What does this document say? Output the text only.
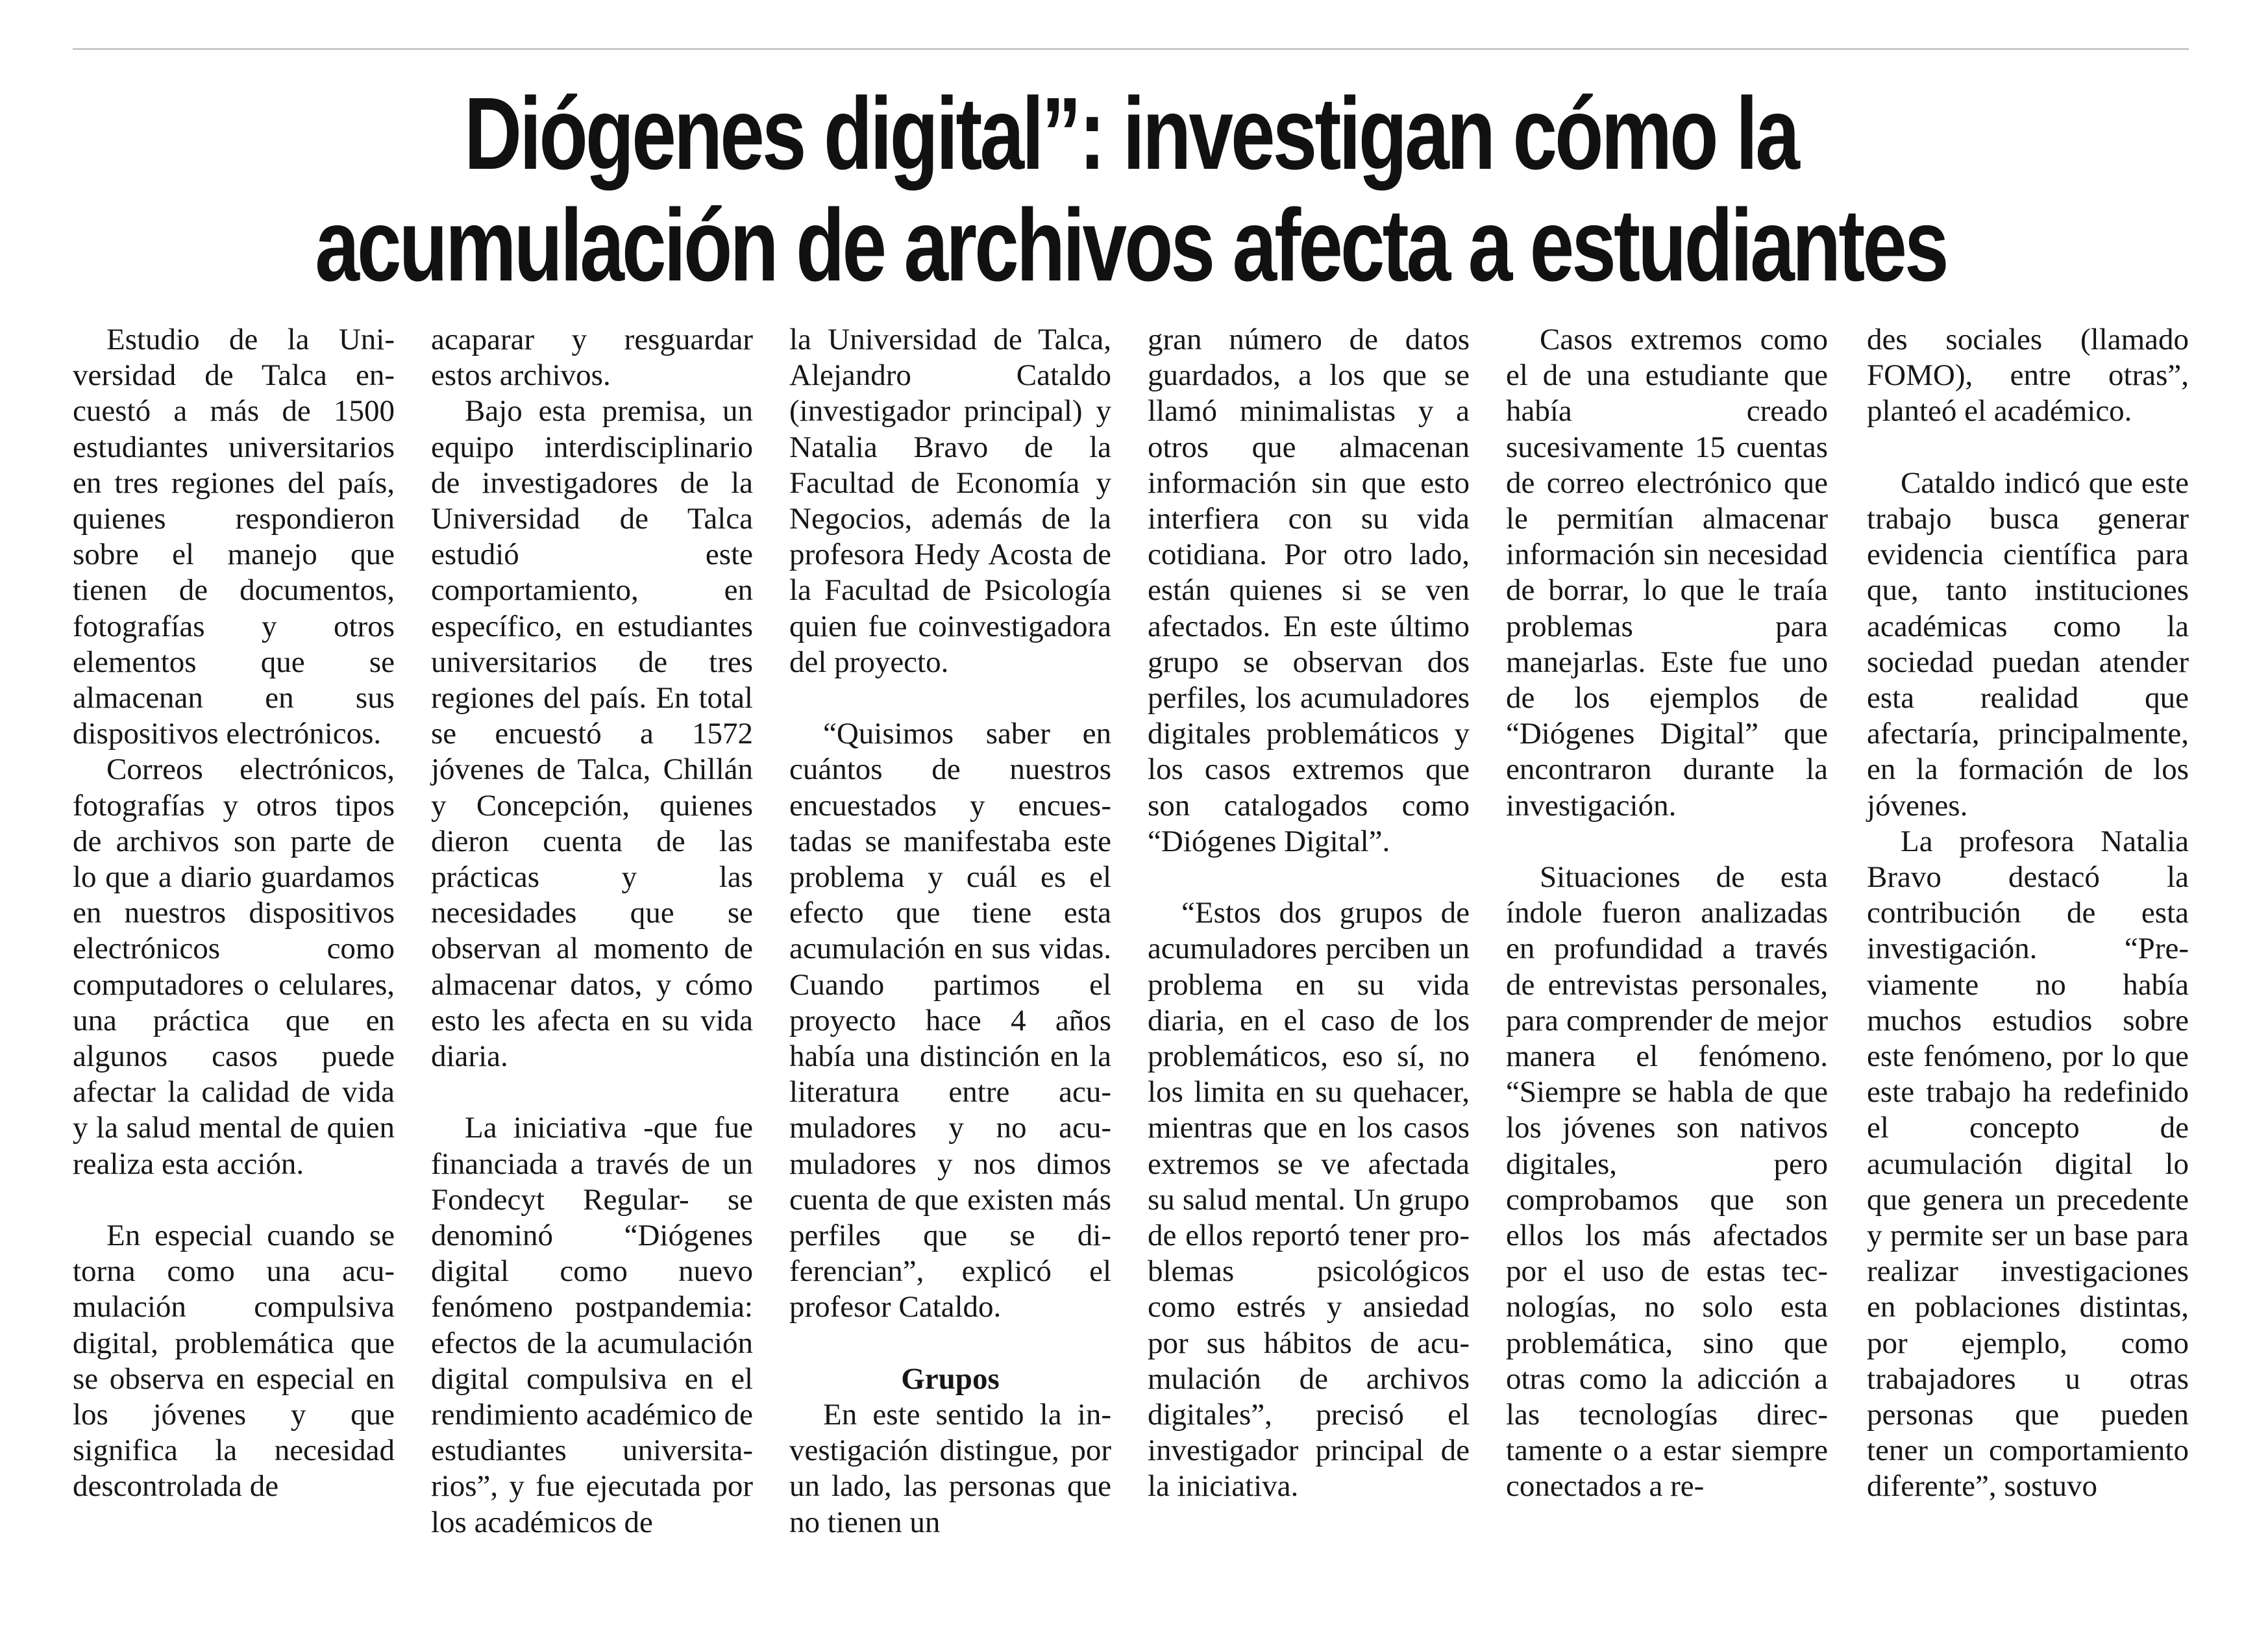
Diógenes digital”: investigan cómo la
acumulación de archivos afecta a estudiantes

Estudio de la Universidad de Talca encuestó a más de 1500 estudiantes universitarios en tres regiones del país, quienes respondieron sobre el manejo que tienen de documentos, fotografías y otros elementos que se almacenan en sus dispositivos electrónicos.

Correos electrónicos, fotografías y otros tipos de archivos son parte de lo que a diario guardamos en nuestros dispositivos electrónicos como computadores o celulares, una práctica que en algunos casos puede afectar la calidad de vida y la salud mental de quien realiza esta acción.

En especial cuando se torna como una acumulación compulsiva digital, problemática que se observa en especial en los jóvenes y que significa la necesidad descontrolada de

acaparar y resguardar estos archivos.

Bajo esta premisa, un equipo interdisciplinario de investigadores de la Universidad de Talca estudió este comportamiento, en específico, en estudiantes universitarios de tres regiones del país. En total se encuestó a 1572 jóvenes de Talca, Chillán y Concepción, quienes dieron cuenta de las prácticas y las necesidades que se observan al momento de almacenar datos, y cómo esto les afecta en su vida diaria.

La iniciativa -que fue financiada a través de un Fondecyt Regular- se denominó “Diógenes digital como nuevo fenómeno postpandemia: efectos de la acumulación digital compulsiva en el rendimiento académico de estudiantes universitarios”, y fue ejecutada por los académicos de

la Universidad de Talca, Alejandro Cataldo (investigador principal) y Natalia Bravo de la Facultad de Economía y Negocios, además de la profesora Hedy Acosta de la Facultad de Psicología quien fue coinvestigadora del proyecto.

“Quisimos saber en cuántos de nuestros encuestados y encuestadas se manifestaba este problema y cuál es el efecto que tiene esta acumulación en sus vidas. Cuando partimos el proyecto hace 4 años había una distinción en la literatura entre acumuladores y no acumuladores y nos dimos cuenta de que existen más perfiles que se diferencian”, explicó el profesor Cataldo.

Grupos

En este sentido la investigación distingue, por un lado, las personas que no tienen un

gran número de datos guardados, a los que se llamó minimalistas y a otros que almacenan información sin que esto interfiera con su vida cotidiana. Por otro lado, están quienes si se ven afectados. En este último grupo se observan dos perfiles, los acumuladores digitales problemáticos y los casos extremos que son catalogados como “Diógenes Digital”.

“Estos dos grupos de acumuladores perciben un problema en su vida diaria, en el caso de los problemáticos, eso sí, no los limita en su quehacer, mientras que en los casos extremos se ve afectada su salud mental. Un grupo de ellos reportó tener problemas psicológicos como estrés y ansiedad por sus hábitos de acumulación de archivos digitales”, precisó el investigador principal de la iniciativa.

Casos extremos como el de una estudiante que había creado sucesivamente 15 cuentas de correo electrónico que le permitían almacenar información sin necesidad de borrar, lo que le traía problemas para manejarlas. Este fue uno de los ejemplos de “Diógenes Digital” que encontraron durante la investigación.

Situaciones de esta índole fueron analizadas en profundidad a través de entrevistas personales, para comprender de mejor manera el fenómeno. “Siempre se habla de que los jóvenes son nativos digitales, pero comprobamos que son ellos los más afectados por el uso de estas tecnologías, no solo esta problemática, sino que otras como la adicción a las tecnologías directamente o a estar siempre conectados a re-

des sociales (llamado FOMO), entre otras”, planteó el académico.

Cataldo indicó que este trabajo busca generar evidencia científica para que, tanto instituciones académicas como la sociedad puedan atender esta realidad que afectaría, principalmente, en la formación de los jóvenes.

La profesora Natalia Bravo destacó la contribución de esta investigación. “Previamente no había muchos estudios sobre este fenómeno, por lo que este trabajo ha redefinido el concepto de acumulación digital lo que genera un precedente y permite ser un base para realizar investigaciones en poblaciones distintas, por ejemplo, como trabajadores u otras personas que pueden tener un comportamiento diferente”, sostuvo
